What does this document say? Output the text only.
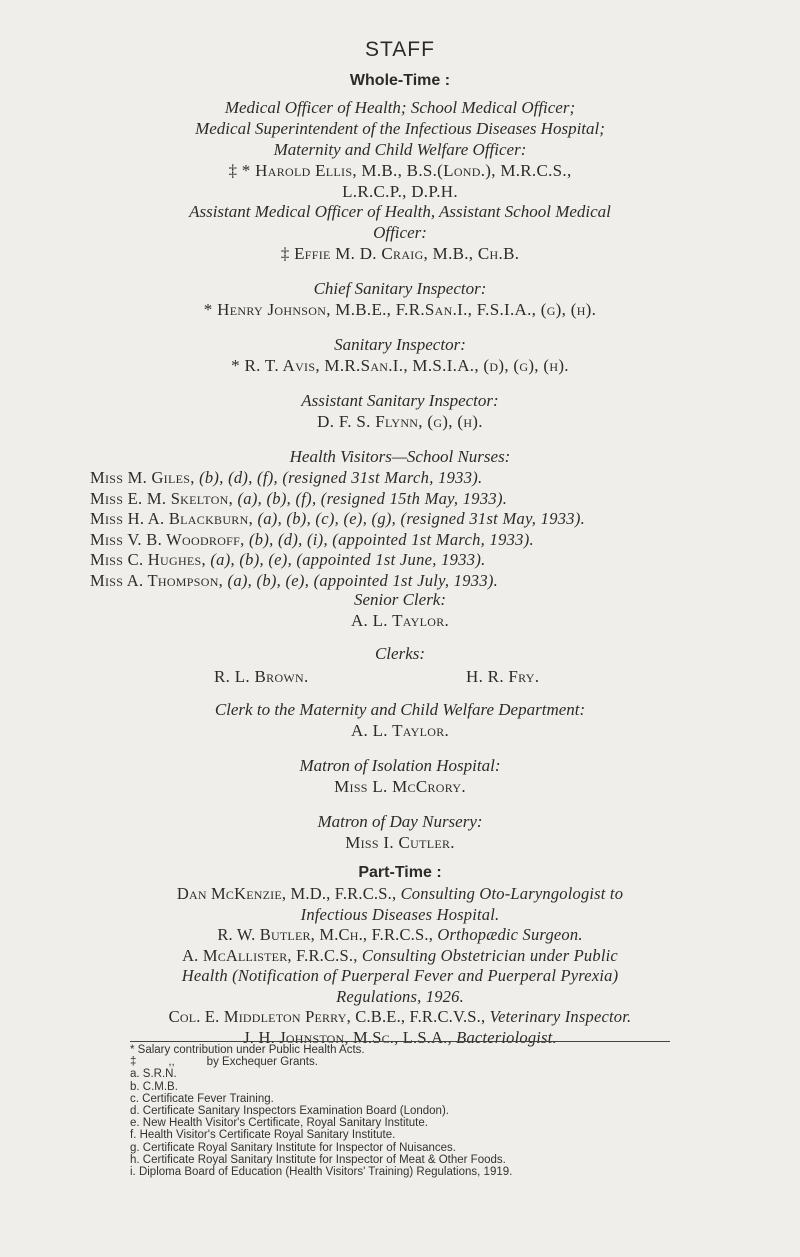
STAFF
Whole-Time :
Medical Officer of Health; School Medical Officer;
Medical Superintendent of the Infectious Diseases Hospital;
Maternity and Child Welfare Officer:
‡ * Harold Ellis, M.B., B.S.(Lond.), M.R.C.S.,
L.R.C.P., D.P.H.
Assistant Medical Officer of Health, Assistant School Medical
Officer:
‡ Effie M. D. Craig, M.B., Ch.B.
Chief Sanitary Inspector:
* Henry Johnson, M.B.E., F.R.San.I., F.S.I.A., (g), (h).
Sanitary Inspector:
* R. T. Avis, M.R.San.I., M.S.I.A., (d), (g), (h).
Assistant Sanitary Inspector:
D. F. S. Flynn, (g), (h).
Health Visitors—School Nurses:
Miss M. Giles, (b), (d), (f), (resigned 31st March, 1933).
Miss E. M. Skelton, (a), (b), (f), (resigned 15th May, 1933).
Miss H. A. Blackburn, (a), (b), (c), (e), (g), (resigned 31st May, 1933).
Miss V. B. Woodroff, (b), (d), (i), (appointed 1st March, 1933).
Miss C. Hughes, (a), (b), (e), (appointed 1st June, 1933).
Miss A. Thompson, (a), (b), (e), (appointed 1st July, 1933).
Senior Clerk:
A. L. Taylor.
Clerks:
R. L. Brown.	H. R. Fry.
Clerk to the Maternity and Child Welfare Department:
A. L. Taylor.
Matron of Isolation Hospital:
Miss L. McCrory.
Matron of Day Nursery:
Miss I. Cutler.
Part-Time :
Dan McKenzie, M.D., F.R.C.S., Consulting Oto-Laryngologist to
Infectious Diseases Hospital.
R. W. Butler, M.Ch., F.R.C.S., Orthopædic Surgeon.
A. McAllister, F.R.C.S., Consulting Obstetrician under Public
Health (Notification of Puerperal Fever and Puerperal Pyrexia)
Regulations, 1926.
Col. E. Middleton Perry, C.B.E., F.R.C.V.S., Veterinary Inspector.
J. H. Johnston, M.Sc., L.S.A., Bacteriologist.
* Salary contribution under Public Health Acts.
‡          ,,          by Exchequer Grants.
a. S.R.N.
b. C.M.B.
c. Certificate Fever Training.
d. Certificate Sanitary Inspectors Examination Board (London).
e. New Health Visitor's Certificate, Royal Sanitary Institute.
f. Health Visitor's Certificate Royal Sanitary Institute.
g. Certificate Royal Sanitary Institute for Inspector of Nuisances.
h. Certificate Royal Sanitary Institute for Inspector of Meat & Other Foods.
i. Diploma Board of Education (Health Visitors' Training) Regulations, 1919.
